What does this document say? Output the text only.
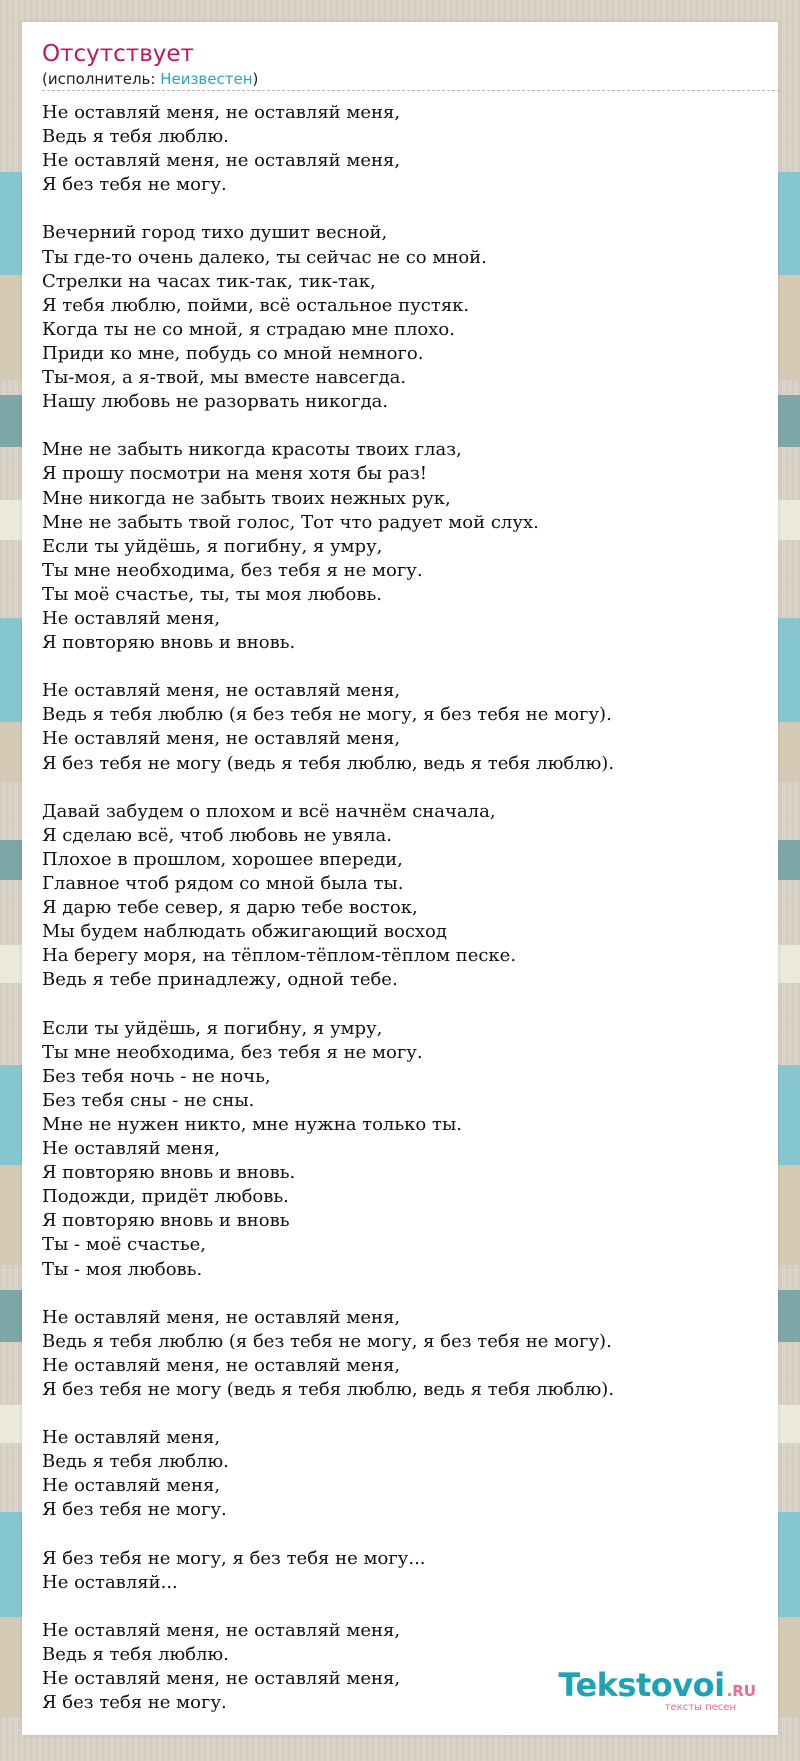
Отсутствует
(исполнитель: Неизвестен)
Не оставляй меня, не оставляй меня,
Ведь я тебя люблю.
Не оставляй меня, не оставляй меня,
Я без тебя не могу.
Вечерний город тихо душит весной,
Ты где-то очень далеко, ты сейчас не со мной.
Стрелки на часах тик-так, тик-так,
Я тебя люблю, пойми, всё остальное пустяк.
Когда ты не со мной, я страдаю мне плохо.
Приди ко мне, побудь со мной немного.
Ты-моя, а я-твой, мы вместе навсегда.
Нашу любовь не разорвать никогда.
Мне не забыть никогда красоты твоих глаз,
Я прошу посмотри на меня хотя бы раз!
Мне никогда не забыть твоих нежных рук,
Мне не забыть твой голос, Тот что радует мой слух.
Если ты уйдёшь, я погибну, я умру,
Ты мне необходима, без тебя я не могу.
Ты моё счастье, ты, ты моя любовь.
Не оставляй меня,
Я повторяю вновь и вновь.
Не оставляй меня, не оставляй меня,
Ведь я тебя люблю (я без тебя не могу, я без тебя не могу).
Не оставляй меня, не оставляй меня,
Я без тебя не могу (ведь я тебя люблю, ведь я тебя люблю).
Давай забудем о плохом и всё начнём сначала,
Я сделаю всё, чтоб любовь не увяла.
Плохое в прошлом, хорошее впереди,
Главное чтоб рядом со мной была ты.
Я дарю тебе север, я дарю тебе восток,
Мы будем наблюдать обжигающий восход
На берегу моря, на тёплом-тёплом-тёплом песке.
Ведь я тебе принадлежу, одной тебе.
Если ты уйдёшь, я погибну, я умру,
Ты мне необходима, без тебя я не могу.
Без тебя ночь - не ночь,
Без тебя сны - не сны.
Мне не нужен никто, мне нужна только ты.
Не оставляй меня,
Я повторяю вновь и вновь.
Подожди, придёт любовь.
Я повторяю вновь и вновь
Ты - моё счастье,
Ты - моя любовь.
Не оставляй меня, не оставляй меня,
Ведь я тебя люблю (я без тебя не могу, я без тебя не могу).
Не оставляй меня, не оставляй меня,
Я без тебя не могу (ведь я тебя люблю, ведь я тебя люблю).
Не оставляй меня,
Ведь я тебя люблю.
Не оставляй меня,
Я без тебя не могу.
Я без тебя не могу, я без тебя не могу...
Не оставляй...
Не оставляй меня, не оставляй меня,
Ведь я тебя люблю.
Не оставляй меня, не оставляй меня,
Я без тебя не могу.	Tekstovoi .RU
тексты песен
